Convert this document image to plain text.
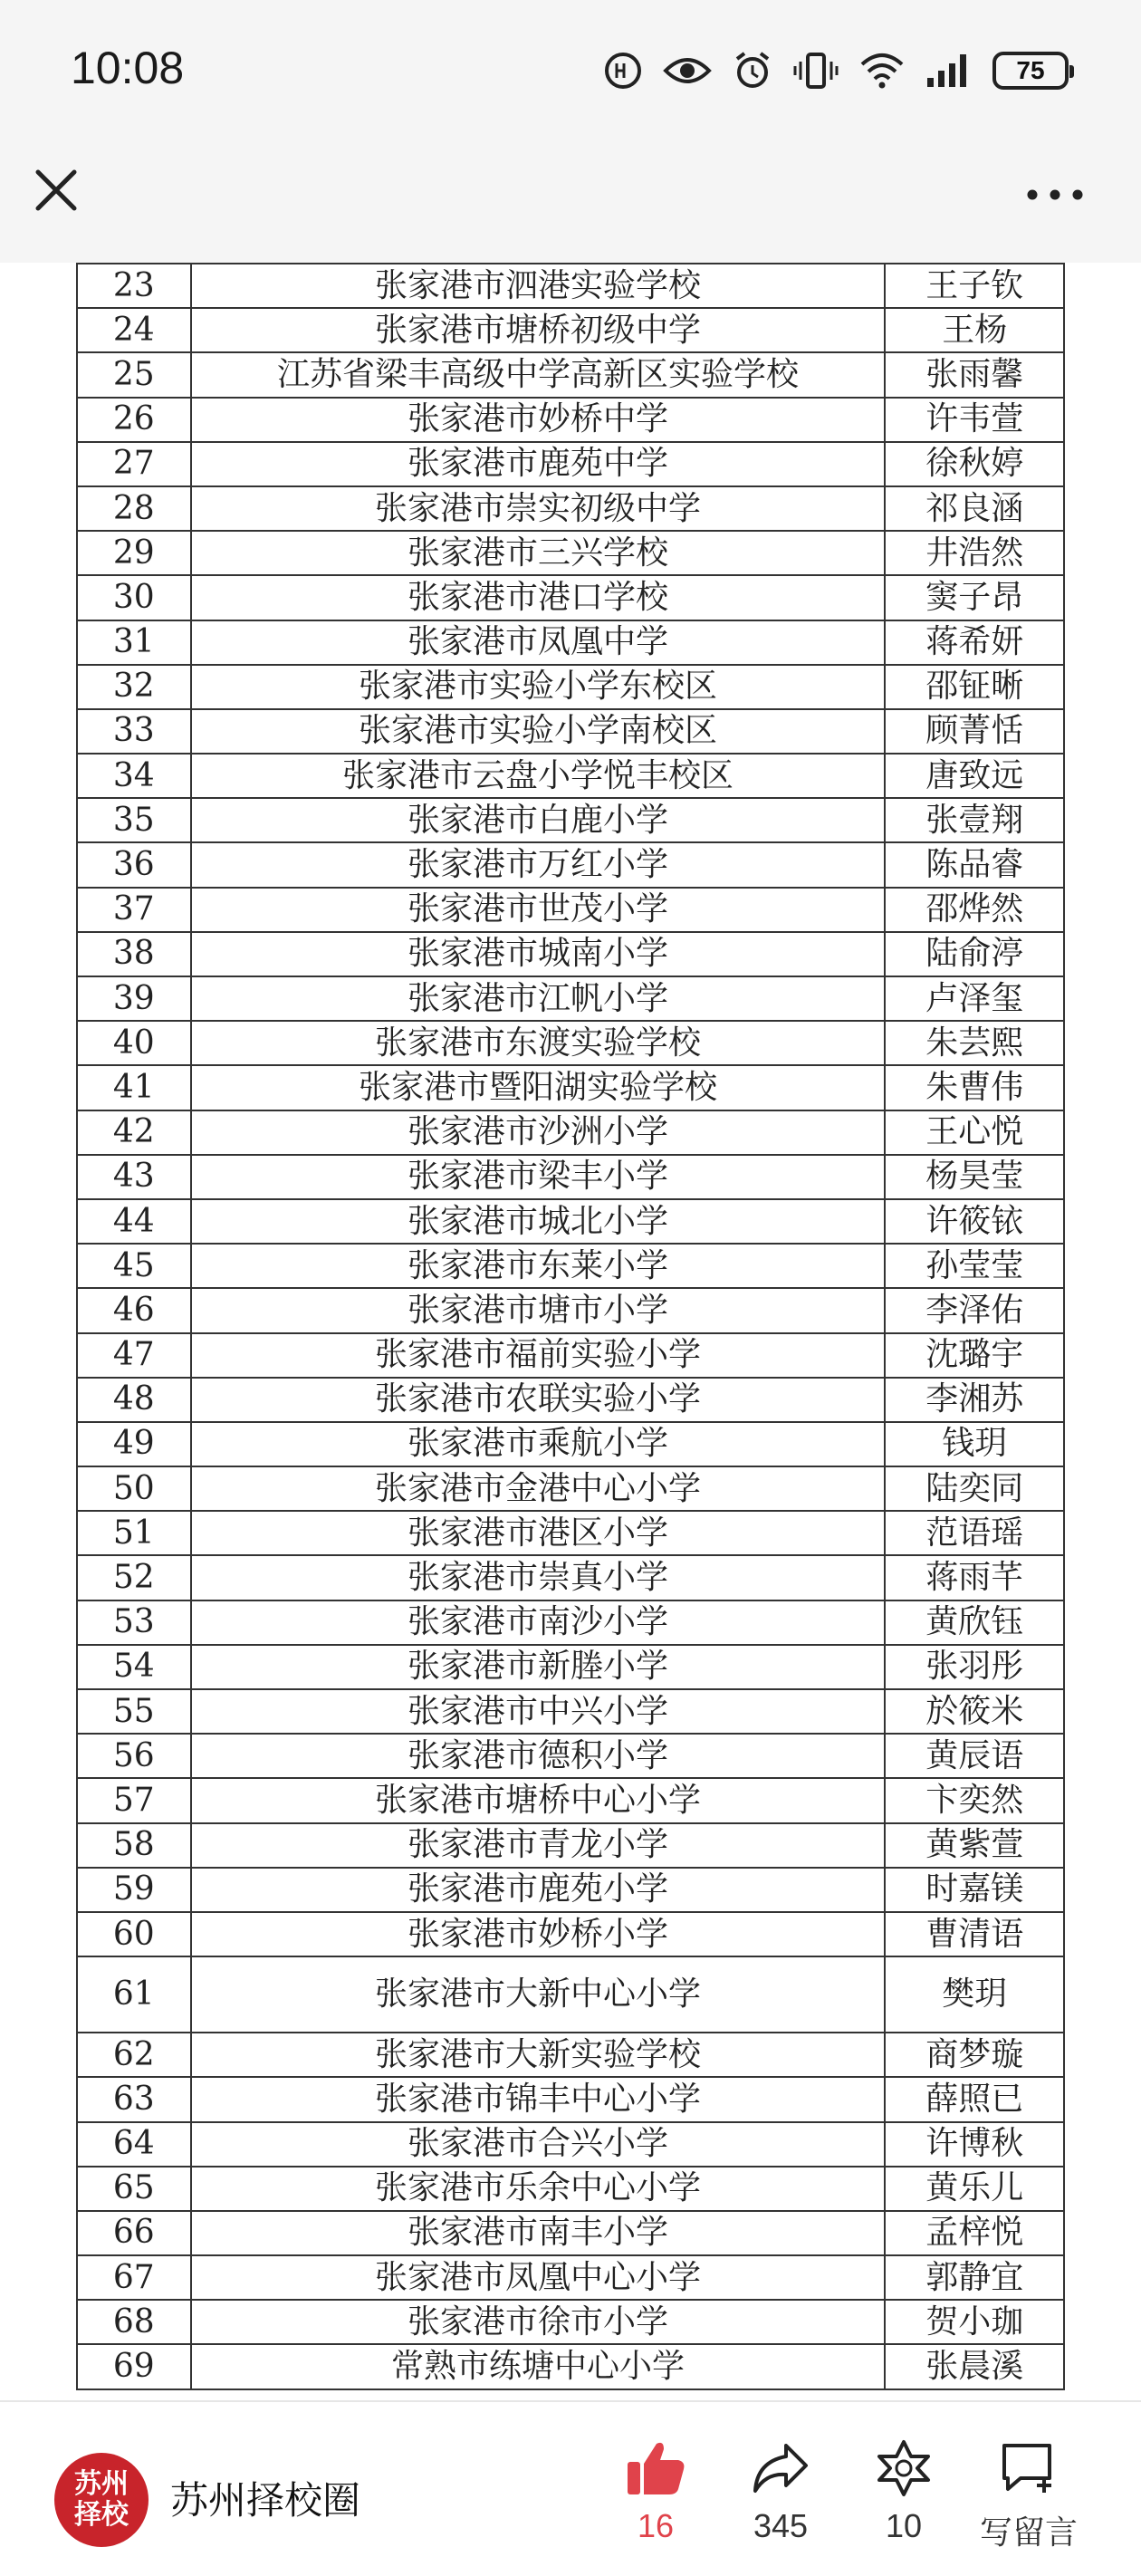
10:08	75
23	张家港市泗港实验学校	王子钦
24	张家港市塘桥初级中学	王杨
25	江苏省梁丰高级中学高新区实验学校	张雨馨
26	张家港市妙桥中学	许韦萱
27	张家港市鹿苑中学	徐秋婷
28	张家港市崇实初级中学	祁良涵
29	张家港市三兴学校	井浩然
30	张家港市港口学校	窦子昂
31	张家港市凤凰中学	蒋希妍
32	张家港市实验小学东校区	邵钲晰
33	张家港市实验小学南校区	顾菁恬
34	张家港市云盘小学悦丰校区	唐致远
35	张家港市白鹿小学	张壹翔
36	张家港市万红小学	陈品睿
37	张家港市世茂小学	邵烨然
38	张家港市城南小学	陆俞渟
39	张家港市江帆小学	卢泽玺
40	张家港市东渡实验学校	朱芸熙
41	张家港市暨阳湖实验学校	朱曹伟
42	张家港市沙洲小学	王心悦
43	张家港市梁丰小学	杨昊莹
44	张家港市城北小学	许筱铱
45	张家港市东莱小学	孙莹莹
46	张家港市塘市小学	李泽佑
47	张家港市福前实验小学	沈璐宇
48	张家港市农联实验小学	李湘苏
49	张家港市乘航小学	钱玥
50	张家港市金港中心小学	陆奕同
51	张家港市港区小学	范语瑶
52	张家港市崇真小学	蒋雨芊
53	张家港市南沙小学	黄欣钰
54	张家港市新塍小学	张羽彤
55	张家港市中兴小学	於筱米
56	张家港市德积小学	黄辰语
57	张家港市塘桥中心小学	卞奕然
58	张家港市青龙小学	黄紫萱
59	张家港市鹿苑小学	时嘉镁
60	张家港市妙桥小学	曹清语
61	张家港市大新中心小学	樊玥
62	张家港市大新实验学校	商梦璇
63	张家港市锦丰中心小学	薛照已
64	张家港市合兴小学	许博秋
65	张家港市乐余中心小学	黄乐儿
66	张家港市南丰小学	孟梓悦
67	张家港市凤凰中心小学	郭静宜
68	张家港市徐市小学	贺小珈
69	常熟市练塘中心小学	张晨溪
苏州
择校 苏州择校圈
16 345 10 写留言
